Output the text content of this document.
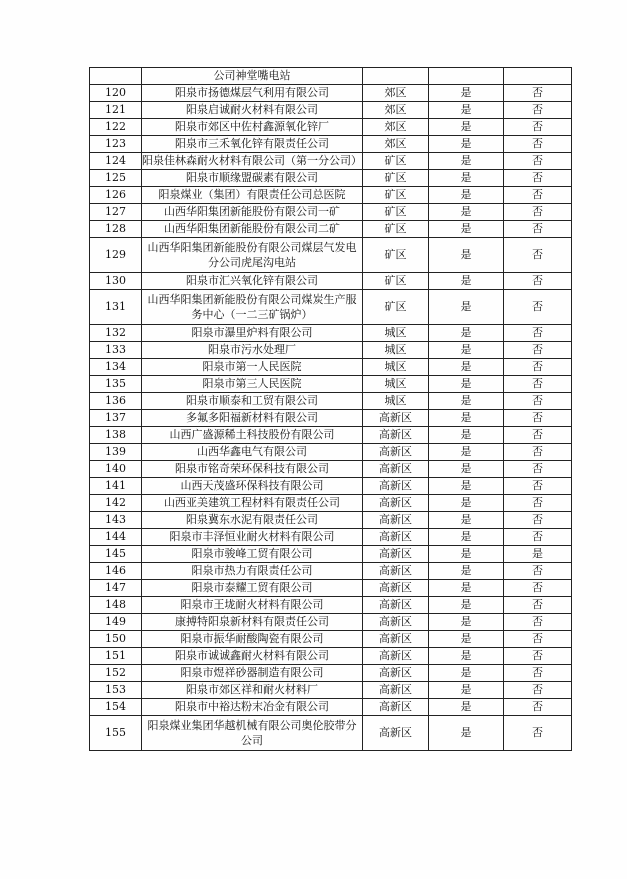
	公司神堂嘴电站			
120	阳泉市扬德煤层气利用有限公司	郊区	是	否
121	阳泉启诚耐火材料有限公司	郊区	是	否
122	阳泉市郊区中佐村鑫源氧化锌厂	郊区	是	否
123	阳泉市三禾氧化锌有限责任公司	郊区	是	否
124	阳泉佳林森耐火材料有限公司（第一分公司）	矿区	是	否
125	阳泉市顺缘盟碳素有限公司	矿区	是	否
126	阳泉煤业（集团）有限责任公司总医院	矿区	是	否
127	山西华阳集团新能股份有限公司一矿	矿区	是	否
128	山西华阳集团新能股份有限公司二矿	矿区	是	否
129	山西华阳集团新能股份有限公司煤层气发电分公司虎尾沟电站	矿区	是	否
130	阳泉市汇兴氧化锌有限公司	矿区	是	否
131	山西华阳集团新能股份有限公司煤炭生产服务中心（一二三矿锅炉）	矿区	是	否
132	阳泉市瀑里炉料有限公司	城区	是	否
133	阳泉市污水处理厂	城区	是	否
134	阳泉市第一人民医院	城区	是	否
135	阳泉市第三人民医院	城区	是	否
136	阳泉市顺泰和工贸有限公司	城区	是	否
137	多氟多阳福新材料有限公司	高新区	是	否
138	山西广盛源稀土科技股份有限公司	高新区	是	否
139	山西华鑫电气有限公司	高新区	是	否
140	阳泉市铭奇荣环保科技有限公司	高新区	是	否
141	山西天茂盛环保科技有限公司	高新区	是	否
142	山西亚美建筑工程材料有限责任公司	高新区	是	否
143	阳泉冀东水泥有限责任公司	高新区	是	否
144	阳泉市丰泽恒业耐火材料有限公司	高新区	是	否
145	阳泉市骏峰工贸有限公司	高新区	是	是
146	阳泉市热力有限责任公司	高新区	是	否
147	阳泉市泰耀工贸有限公司	高新区	是	否
148	阳泉市王垅耐火材料有限公司	高新区	是	否
149	康搏特阳泉新材料有限责任公司	高新区	是	否
150	阳泉市振华耐酸陶瓷有限公司	高新区	是	否
151	阳泉市诚诚鑫耐火材料有限公司	高新区	是	否
152	阳泉市煜祥砂器制造有限公司	高新区	是	否
153	阳泉市郊区祥和耐火材料厂	高新区	是	否
154	阳泉市中裕达粉末冶金有限公司	高新区	是	否
155	阳泉煤业集团华越机械有限公司奥伦胶带分公司	高新区	是	否
